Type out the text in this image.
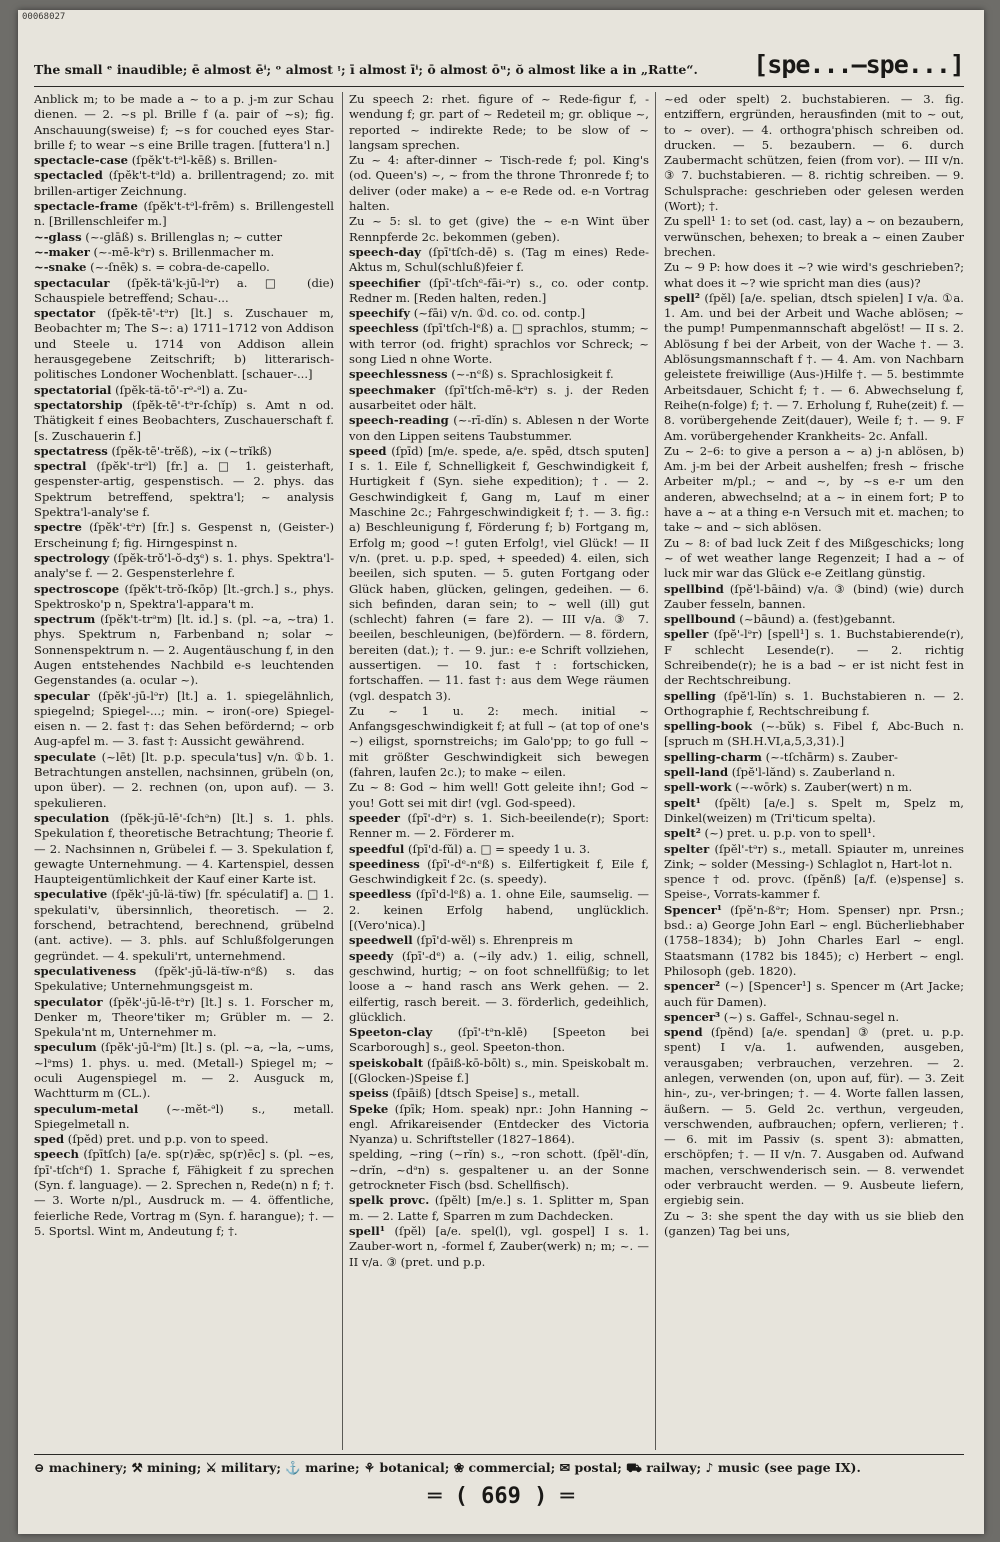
00068027
The small ᵉ inaudible; ē almost ēⁱ; ᵒ almost ᵎ; ī almost īⁱ; ō almost ōᵘ; ŏ almost like a in „Ratte“. [spe...—spe...]

Anblick m; to be made a ~ to a p. j-m zur Schau dienen. — 2. ~s pl. Brille f (a. pair of ~s); fig. Anschauung(sweise) f; ~s for couched eyes Star-brille f; to wear ~s eine Brille tragen. [futtera'l n.]

spectacle-case (ſpĕk't-tᵊl-kēß) s. Brillen-

spectacled (ſpĕk't-tᵊld) a. brillentragend; zo. mit brillen-artiger Zeichnung.

spectacle-frame (ſpĕk't-tᵊl-frēm) s. Brillengestell n. [Brillenschleifer m.]

~-glass (~-glāß) s. Brillenglas n; ~ cutter

~-maker (~-mē-kᵊr) s. Brillenmacher m.

~-snake (~-ſnēk) s. = cobra-de-capello.

spectacular (ſpĕk-tä'k-jū-lᵊr) a. □ (die) Schauspiele betreffend; Schau-...

spectator (ſpĕk-tē'-tᵊr) [lt.] s. Zuschauer m, Beobachter m; The S~: a) 1711–1712 von Addison und Steele u. 1714 von Addison allein herausgegebene Zeitschrift; b) litterarisch-politisches Londoner Wochenblatt. [schauer-...]

spectatorial (ſpĕk-tä-tō'-rᵊ-ᵊl) a. Zu-

spectatorship (ſpĕk-tē'-tᵊr-ſchĭp) s. Amt n od. Thätigkeit f eines Beobachters, Zuschauerschaft f. [s. Zuschauerin f.]

spectatress (ſpĕk-tē'-trĕß), ~ix (~trĭkß)

spectral (ſpĕk'-trᵊl) [fr.] a. □ 1. geisterhaft, gespenster-artig, gespenstisch. — 2. phys. das Spektrum betreffend, spektra'l; ~ analysis Spektra'l-analy'se f.

spectre (ſpĕk'-tᵊr) [fr.] s. Gespenst n, (Geister-) Erscheinung f; fig. Hirngespinst n.

spectrology (ſpĕk-trŏ'l-ŏ-dʒᵉ) s. 1. phys. Spektra'l-analy'se f. — 2. Gespensterlehre f.

spectroscope (ſpĕk't-trŏ-ſkōp) [lt.-grch.] s., phys. Spektrosko'p n, Spektra'l-appara't m.

spectrum (ſpĕk't-trᵊm) [lt. id.] s. (pl. ~a, ~tra) 1. phys. Spektrum n, Farbenband n; solar ~ Sonnenspektrum n. — 2. Augentäuschung f, in den Augen entstehendes Nachbild e-s leuchtenden Gegenstandes (a. ocular ~).

specular (ſpĕk'-jū-lᵊr) [lt.] a. 1. spiegelähnlich, spiegelnd; Spiegel-...; min. ~ iron(-ore) Spiegel-eisen n. — 2. fast †: das Sehen befördernd; ~ orb Aug-apfel m. — 3. fast †: Aussicht gewährend.

speculate (~lēt) [lt. p.p. specula'tus] v/n. ①b. 1. Betrachtungen anstellen, nachsinnen, grübeln (on, upon über). — 2. rechnen (on, upon auf). — 3. spekulieren.

speculation (ſpĕk-jū-lē'-ſchᵊn) [lt.] s. 1. phls. Spekulation f, theoretische Betrachtung; Theorie f. — 2. Nachsinnen n, Grübelei f. — 3. Spekulation f, gewagte Unternehmung. — 4. Kartenspiel, dessen Haupteigentümlichkeit der Kauf einer Karte ist.

speculative (ſpĕk'-jū-lä-tĭw) [fr. spéculatif] a. □ 1. spekulati'v, übersinnlich, theoretisch. — 2. forschend, betrachtend, berechnend, grübelnd (ant. active). — 3. phls. auf Schlußfolgerungen gegründet. — 4. spekuli'rt, unternehmend.

speculativeness (ſpĕk'-jū-lä-tĭw-nᵉß) s. das Spekulative; Unternehmungsgeist m.

speculator (ſpĕk'-jū-lē-tᵊr) [lt.] s. 1. Forscher m, Denker m, Theore'tiker m; Grübler m. — 2. Spekula'nt m, Unternehmer m.

speculum (ſpĕk'-jū-lᵊm) [lt.] s. (pl. ~a, ~la, ~ums, ~lᵊms) 1. phys. u. med. (Metall-) Spiegel m; ~ oculi Augenspiegel m. — 2. Ausguck m, Wachtturm m (CL.).

speculum-metal (~-mĕt-ᵊl) s., metall. Spiegelmetall n.

sped (ſpĕd) pret. und p.p. von to speed.

speech (ſpītſch) [a/e. sp(r)ǣc, sp(r)ēc] s. (pl. ~es, ſpī'-tſchᵉſ) 1. Sprache f, Fähigkeit f zu sprechen (Syn. f. language). — 2. Sprechen n, Rede(n) n f; †. — 3. Worte n/pl., Ausdruck m. — 4. öffentliche, feierliche Rede, Vortrag m (Syn. f. harangue); †. — 5. Sportsl. Wint m, Andeutung f; †.

Zu speech 2: rhet. figure of ~ Rede-figur f, -wendung f; gr. part of ~ Redeteil m; gr. oblique ~, reported ~ indirekte Rede; to be slow of ~ langsam sprechen.

Zu ~ 4: after-dinner ~ Tisch-rede f; pol. King's (od. Queen's) ~, ~ from the throne Thronrede f; to deliver (oder make) a ~ e-e Rede od. e-n Vortrag halten.

Zu ~ 5: sl. to get (give) the ~ e-n Wint über Rennpferde 2c. bekommen (geben).

speech-day (ſpī'tſch-dē) s. (Tag m eines) Rede-Aktus m, Schul(schluß)feier f.

speechifier (ſpī'-tſchᵉ-fāi-ᵊr) s., co. oder contp. Redner m. [Reden halten, reden.]

speechify (~fāi) v/n. ①d. co. od. contp.]

speechless (ſpī'tſch-lᵉß) a. □ sprachlos, stumm; ~ with terror (od. fright) sprachlos vor Schreck; ~ song Lied n ohne Worte.

speechlessness (~-nᵉß) s. Sprachlosigkeit f.

speechmaker (ſpī'tſch-mē-kᵊr) s. j. der Reden ausarbeitet oder hält.

speech-reading (~-rī-dĭn) s. Ablesen n der Worte von den Lippen seitens Taubstummer.

speed (ſpīd) [m/e. spede, a/e. spēd, dtsch sputen] I s. 1. Eile f, Schnelligkeit f, Geschwindigkeit f, Hurtigkeit f (Syn. siehe expedition); †. — 2. Geschwindigkeit f, Gang m, Lauf m einer Maschine 2c.; Fahrgeschwindigkeit f; †. — 3. fig.: a) Beschleunigung f, Förderung f; b) Fortgang m, Erfolg m; good ~! guten Erfolg!, viel Glück! — II v/n. (pret. u. p.p. sped, + speeded) 4. eilen, sich beeilen, sich sputen. — 5. guten Fortgang oder Glück haben, glücken, gelingen, gedeihen. — 6. sich befinden, daran sein; to ~ well (ill) gut (schlecht) fahren (= fare 2). — III v/a. ③ 7. beeilen, beschleunigen, (be)fördern. — 8. fördern, bereiten (dat.); †. — 9. jur.: e-e Schrift vollziehen, aussertigen. — 10. fast †: fortschicken, fortschaffen. — 11. fast †: aus dem Wege räumen (vgl. despatch 3).

Zu ~ 1 u. 2: mech. initial ~ Anfangsgeschwindigkeit f; at full ~ (at top of one's ~) eiligst, spornstreichs; im Galo'pp; to go full ~ mit größter Geschwindigkeit sich bewegen (fahren, laufen 2c.); to make ~ eilen.

Zu ~ 8: God ~ him well! Gott geleite ihn!; God ~ you! Gott sei mit dir! (vgl. God-speed).

speeder (ſpī'-dᵊr) s. 1. Sich-beeilende(r); Sport: Renner m. — 2. Förderer m.

speedful (ſpī'd-fŭl) a. □ = speedy 1 u. 3.

speediness (ſpī'-dᵉ-nᵉß) s. Eilfertigkeit f, Eile f, Geschwindigkeit f 2c. (s. speedy).

speedless (ſpī'd-lᵉß) a. 1. ohne Eile, saumselig. — 2. keinen Erfolg habend, unglücklich. [(Vero'nica).]

speedwell (ſpī'd-wĕl) s. Ehrenpreis m

speedy (ſpī'-dᵉ) a. (~ily adv.) 1. eilig, schnell, geschwind, hurtig; ~ on foot schnellfüßig; to let loose a ~ hand rasch ans Werk gehen. — 2. eilfertig, rasch bereit. — 3. förderlich, gedeihlich, glücklich.

Speeton-clay (ſpī'-tᵊn-klē) [Speeton bei Scarborough] s., geol. Speeton-thon.

speiskobalt (ſpāiß-kō-bōlt) s., min. Speiskobalt m. [(Glocken-)Speise f.]

speiss (ſpāiß) [dtsch Speise] s., metall.

Speke (ſpīk; Hom. speak) npr.: John Hanning ~ engl. Afrikareisender (Entdecker des Victoria Nyanza) u. Schriftsteller (1827–1864).

spelding, ~ring (~rĭn) s., ~ron schott. (ſpĕl'-dĭn, ~drĭn, ~dᵊn) s. gespaltener u. an der Sonne getrockneter Fisch (bsd. Schellfisch).

spelk provc. (ſpĕlt) [m/e.] s. 1. Splitter m, Span m. — 2. Latte f, Sparren m zum Dachdecken.

spell¹ (ſpĕl) [a/e. spel(l), vgl. gospel] I s. 1. Zauber-wort n, -formel f, Zauber(werk) n; m; ~. — II v/a. ③ (pret. und p.p.

~ed oder spelt) 2. buchstabieren. — 3. fig. entziffern, ergründen, herausfinden (mit to ~ out, to ~ over). — 4. orthogra'phisch schreiben od. drucken. — 5. bezaubern. — 6. durch Zaubermacht schützen, feien (from vor). — III v/n. ③ 7. buchstabieren. — 8. richtig schreiben. — 9. Schulsprache: geschrieben oder gelesen werden (Wort); †.

Zu spell¹ 1: to set (od. cast, lay) a ~ on bezaubern, verwünschen, behexen; to break a ~ einen Zauber brechen.

Zu ~ 9 P: how does it ~? wie wird's geschrieben?; what does it ~? wie spricht man dies (aus)?

spell² (ſpĕl) [a/e. spelian, dtsch spielen] I v/a. ①a. 1. Am. und bei der Arbeit und Wache ablösen; ~ the pump! Pumpenmannschaft abgelöst! — II s. 2. Ablösung f bei der Arbeit, von der Wache †. — 3. Ablösungsmannschaft f †. — 4. Am. von Nachbarn geleistete freiwillige (Aus-)Hilfe †. — 5. bestimmte Arbeitsdauer, Schicht f; †. — 6. Abwechselung f, Reihe(n-folge) f; †. — 7. Erholung f, Ruhe(zeit) f. — 8. vorübergehende Zeit(dauer), Weile f; †. — 9. F Am. vorübergehender Krankheits- 2c. Anfall.

Zu ~ 2–6: to give a person a ~ a) j-n ablösen, b) Am. j-m bei der Arbeit aushelfen; fresh ~ frische Arbeiter m/pl.; ~ and ~, by ~s e-r um den anderen, abwechselnd; at a ~ in einem fort; P to have a ~ at a thing e-n Versuch mit et. machen; to take ~ and ~ sich ablösen.

Zu ~ 8: of bad luck Zeit f des Mißgeschicks; long ~ of wet weather lange Regenzeit; I had a ~ of luck mir war das Glück e-e Zeitlang günstig.

spellbind (ſpĕ'l-bāind) v/a. ③ (bind) (wie) durch Zauber fesseln, bannen.

spellbound (~bāund) a. (fest)gebannt.

speller (ſpĕ'-lᵊr) [spell¹] s. 1. Buchstabierende(r), F schlecht Lesende(r). — 2. richtig Schreibende(r); he is a bad ~ er ist nicht fest in der Rechtschreibung.

spelling (ſpĕ'l-lĭn) s. 1. Buchstabieren n. — 2. Orthographie f, Rechtschreibung f.

spelling-book (~-bŭk) s. Fibel f, Abc-Buch n. [spruch m (SH.H.VI,a,5,3,31).]

spelling-charm (~-tſchārm) s. Zauber-

spell-land (ſpĕ'l-lănd) s. Zauberland n.

spell-work (~-wōrk) s. Zauber(wert) n m.

spelt¹ (ſpĕlt) [a/e.] s. Spelt m, Spelz m, Dinkel(weizen) m (Tri'ticum spelta).

spelt² (~) pret. u. p.p. von to spell¹.

spelter (ſpĕl'-tᵊr) s., metall. Spiauter m, unreines Zink; ~ solder (Messing-) Schlaglot n, Hart-lot n.

spence † od. provc. (ſpĕnß) [a/f. (e)spense] s. Speise-, Vorrats-kammer f.

Spencer¹ (ſpĕ'n-ßᵊr; Hom. Spenser) npr. Prsn.; bsd.: a) George John Earl ~ engl. Bücherliebhaber (1758–1834); b) John Charles Earl ~ engl. Staatsmann (1782 bis 1845); c) Herbert ~ engl. Philosoph (geb. 1820).

spencer² (~) [Spencer¹] s. Spencer m (Art Jacke; auch für Damen).

spencer³ (~) s. Gaffel-, Schnau-segel n.

spend (ſpĕnd) [a/e. spendan] ③ (pret. u. p.p. spent) I v/a. 1. aufwenden, ausgeben, verausgaben; verbrauchen, verzehren. — 2. anlegen, verwenden (on, upon auf, für). — 3. Zeit hin-, zu-, ver-bringen; †. — 4. Worte fallen lassen, äußern. — 5. Geld 2c. verthun, vergeuden, verschwenden, aufbrauchen; opfern, verlieren; †. — 6. mit im Passiv (s. spent 3): abmatten, erschöpfen; †. — II v/n. 7. Ausgaben od. Aufwand machen, verschwenderisch sein. — 8. verwendet oder verbraucht werden. — 9. Ausbeute liefern, ergiebig sein.

Zu ~ 3: she spent the day with us sie blieb den (ganzen) Tag bei uns,

⊖ machinery; ⚒ mining; ⚔ military; ⚓ marine; ⚘ botanical; ❀ commercial; ✉ postal; ⛟ railway; ♪ music (see page IX).
═ ( 669 ) ═
